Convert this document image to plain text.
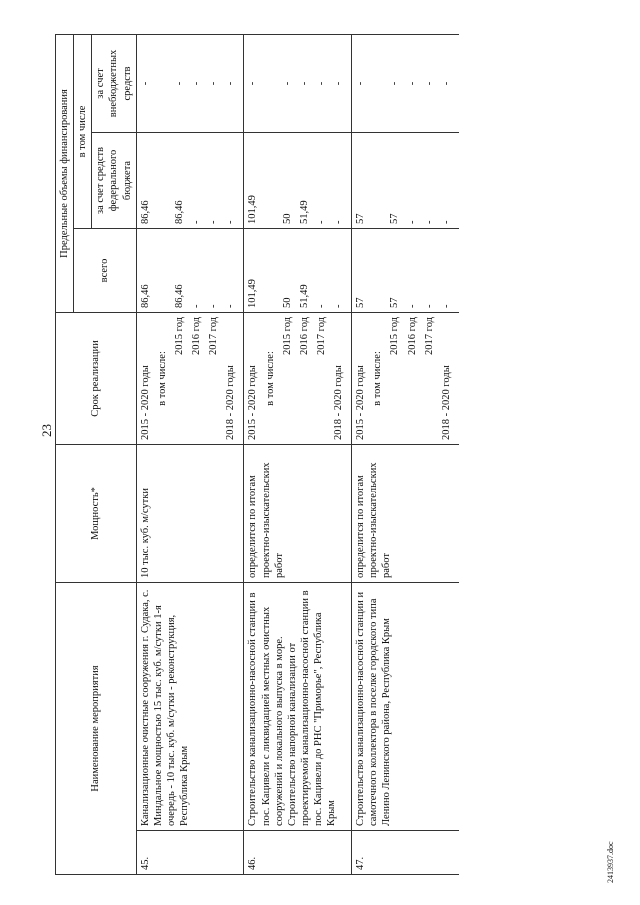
23
2413937.doc
Наименование мероприятия		Мощность*	Срок реализации	Предельные объемы финансирования		
				всего	в том числе	
					за счет средств федерального бюджета	за счет внебюджетных средств
45.	Канализационные очистные сооружения г. Судака, с. Миндальное мощностью 15 тыс. куб. м/сутки 1-я очередь - 10 тыс. куб. м/сутки - реконструкция, Республика Крым	10 тыс. куб. м/сутки	2015 - 2020 годы	86,46	86,46	-
			в том числе:			
			2015 год	86,46	86,46	-
			2016 год	-	-	-
			2017 год	-	-	-
			2018 - 2020 годы	-	-	-
46.	Строительство канализационно-насосной станции в пос. Кацивели с ликвидацией местных очистных сооружений и локального выпуска в море. Строительство напорной канализации от проектируемой канализационно-насосной станции в пос. Кацивели до РНС "Приморье", Республика Крым	определится по итогам проектно-изыскательских работ	2015 - 2020 годы	101,49	101,49	-
			в том числе:			
			2015 год	50	50	-
			2016 год	51,49	51,49	-
			2017 год	-	-	-
			2018 - 2020 годы	-	-	-
47.	Строительство канализационно-насосной станции и самотечного коллектора в поселке городского типа Ленино Ленинского района, Республика Крым	определится по итогам проектно-изыскательских работ	2015 - 2020 годы	57	57	-
			в том числе:			
			2015 год	57	57	-
			2016 год	-	-	-
			2017 год	-	-	-
			2018 - 2020 годы	-	-	-
